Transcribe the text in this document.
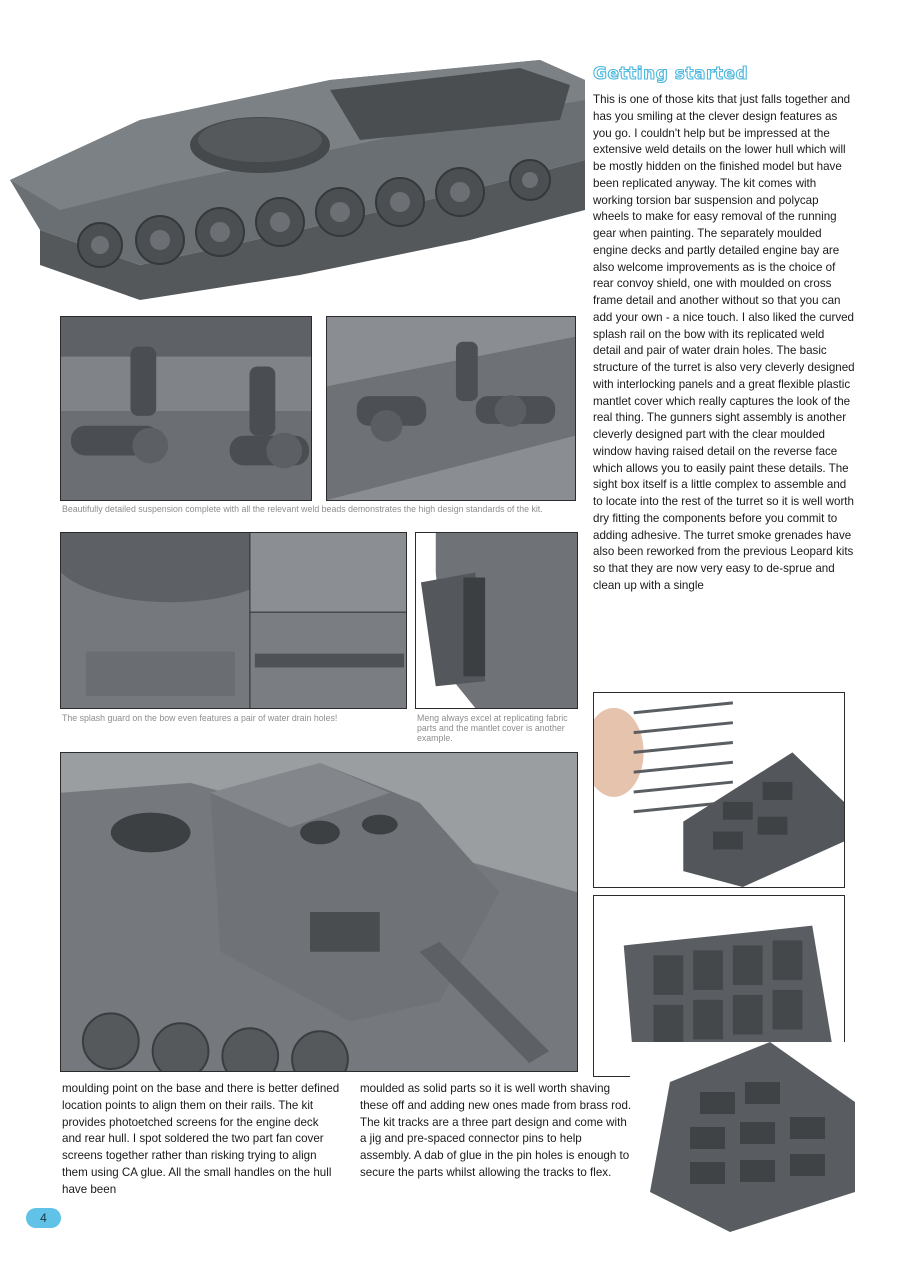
Beautifully detailed suspension complete with all the relevant weld beads demonstrates the high design standards of the kit.
The splash guard on the bow even features a pair of water drain holes!	Meng always excel at replicating fabric parts and the mantlet cover is another example.
Getting started
This is one of those kits that just falls together and has you smiling at the clever design features as you go. I couldn't help but be impressed at the extensive weld details on the lower hull which will be mostly hidden on the finished model but have been replicated anyway. The kit comes with working torsion bar suspension and polycap wheels to make for easy removal of the running gear when painting. The separately moulded engine decks and partly detailed engine bay are also welcome improvements as is the choice of rear convoy shield, one with moulded on cross frame detail and another without so that you can add your own - a nice touch. I also liked the curved splash rail on the bow with its replicated weld detail and pair of water drain holes. The basic structure of the turret is also very cleverly designed with interlocking panels and a great flexible plastic mantlet cover which really captures the look of the real thing. The gunners sight assembly is another cleverly designed part with the clear moulded window having raised detail on the reverse face which allows you to easily paint these details. The sight box itself is a little complex to assemble and to locate into the rest of the turret so it is well worth dry fitting the components before you commit to adding adhesive. The turret smoke grenades have also been reworked from the previous Leopard kits so that they are now very easy to de-sprue and clean up with a single
moulding point on the base and there is better defined location points to align them on their rails. The kit provides photoetched screens for the engine deck and rear hull. I spot soldered the two part fan cover screens together rather than risking trying to align them using CA glue. All the small handles on the hull have been
moulded as solid parts so it is well worth shaving these off and adding new ones made from brass rod. The kit tracks are a three part design and come with a jig and pre-spaced connector pins to help assembly. A dab of glue in the pin holes is enough to secure the parts whilst allowing the tracks to flex.
4
